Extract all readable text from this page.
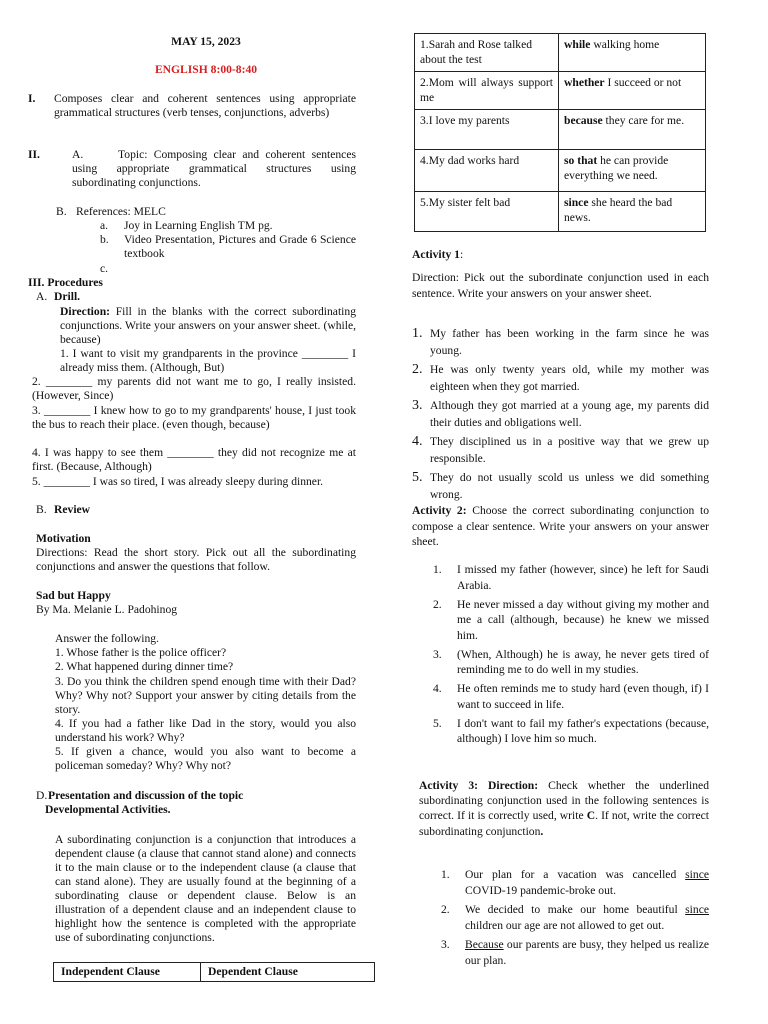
MAY 15, 2023
ENGLISH 8:00-8:40
I. Composes clear and coherent sentences using appropriate grammatical structures (verb tenses, conjunctions, adverbs)
II.	A.	Topic: Composing clear and coherent sentences using appropriate grammatical structures using subordinating conjunctions.
B. References: MELC
a.	Joy in Learning English TM pg.
b.	Video Presentation, Pictures and Grade 6 Science textbook
c.
III. Procedures
A. Drill.
Direction: Fill in the blanks with the correct subordinating conjunctions. Write your answers on your answer sheet. (while, because)
1. I want to visit my grandparents in the province ________ I already miss them. (Although, But)
2. ________ my parents did not want me to go, I really insisted. (However, Since)
3. ________ I knew how to go to my grandparents' house, I just took the bus to reach their place. (even though, because)
4. I was happy to see them ________ they did not recognize me at first. (Because, Although)
5. ________ I was so tired, I was already sleepy during dinner.
B. Review
Motivation
Directions: Read the short story. Pick out all the subordinating conjunctions and answer the questions that follow.
Sad but Happy
By Ma. Melanie L. Padohinog
Answer the following.
1. Whose father is the police officer?
2. What happened during dinner time?
3. Do you think the children spend enough time with their Dad? Why? Why not? Support your answer by citing details from the story.
4. If you had a father like Dad in the story, would you also understand his work? Why?
5. If given a chance, would you also want to become a policeman someday? Why? Why not?
D.Presentation and discussion of the topic
Developmental Activities.
A subordinating conjunction is a conjunction that introduces a dependent clause (a clause that cannot stand alone) and connects it to the main clause or to the independent clause (a clause that can stand alone). They are usually found at the beginning of a subordinating clause or dependent clause. Below is an illustration of a dependent clause and an independent clause to highlight how the sentence is completed with the appropriate use of subordinating conjunctions.
Independent Clause	Dependent Clause
1.Sarah and Rose talked about the test	while walking home
2.Mom will always support me	whether I succeed or not
3.I love my parents	because they care for me.
4.My dad works hard	so that he can provide everything we need.
5.My sister felt bad	since she heard the bad news.
Activity 1:
Direction: Pick out the subordinate conjunction used in each sentence. Write your answers on your answer sheet.
1. My father has been working in the farm since he was young.
2. He was only twenty years old, while my mother was eighteen when they got married.
3. Although they got married at a young age, my parents did their duties and obligations well.
4. They disciplined us in a positive way that we grew up responsible.
5. They do not usually scold us unless we did something wrong.
Activity 2: Choose the correct subordinating conjunction to compose a clear sentence. Write your answers on your answer sheet.
1.	I missed my father (however, since) he left for Saudi Arabia.
2.	He never missed a day without giving my mother and me a call (although, because) he knew we missed him.
3.	(When, Although) he is away, he never gets tired of reminding me to do well in my studies.
4.	He often reminds me to study hard (even though, if) I want to succeed in life.
5.	I don't want to fail my father's expectations (because, although) I love him so much.
Activity 3: Direction: Check whether the underlined subordinating conjunction used in the following sentences is correct. If it is correctly used, write C. If not, write the correct subordinating conjunction.
1.	Our plan for a vacation was cancelled since COVID-19 pandemic-broke out.
2.	We decided to make our home beautiful since children our age are not allowed to get out.
3.	Because our parents are busy, they helped us realize our plan.
